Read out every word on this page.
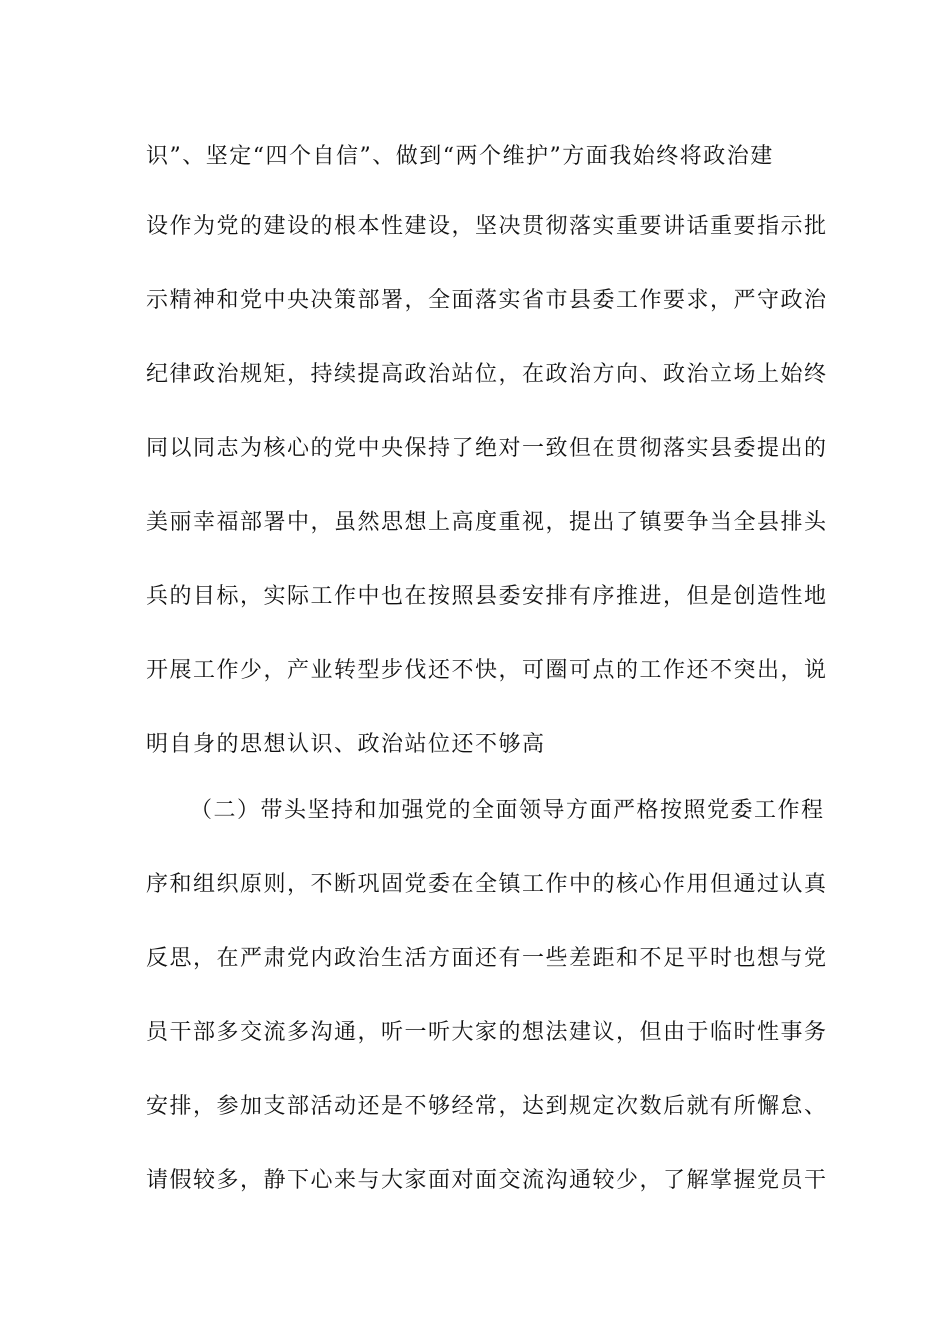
识”、坚定“四个自信”、做到“两个维护”方面我始终将政治建
设作为党的建设的根本性建设，坚决贯彻落实重要讲话重要指示批
示精神和党中央决策部署，全面落实省市县委工作要求，严守政治
纪律政治规矩，持续提高政治站位，在政治方向、政治立场上始终
同以同志为核心的党中央保持了绝对一致但在贯彻落实县委提出的
美丽幸福部署中，虽然思想上高度重视，提出了镇要争当全县排头
兵的目标，实际工作中也在按照县委安排有序推进，但是创造性地
开展工作少，产业转型步伐还不快，可圈可点的工作还不突出，说
明自身的思想认识、政治站位还不够高
（二）带头坚持和加强党的全面领导方面严格按照党委工作程
序和组织原则，不断巩固党委在全镇工作中的核心作用但通过认真
反思，在严肃党内政治生活方面还有一些差距和不足平时也想与党
员干部多交流多沟通，听一听大家的想法建议，但由于临时性事务
安排，参加支部活动还是不够经常，达到规定次数后就有所懈怠、
请假较多，静下心来与大家面对面交流沟通较少，了解掌握党员干
